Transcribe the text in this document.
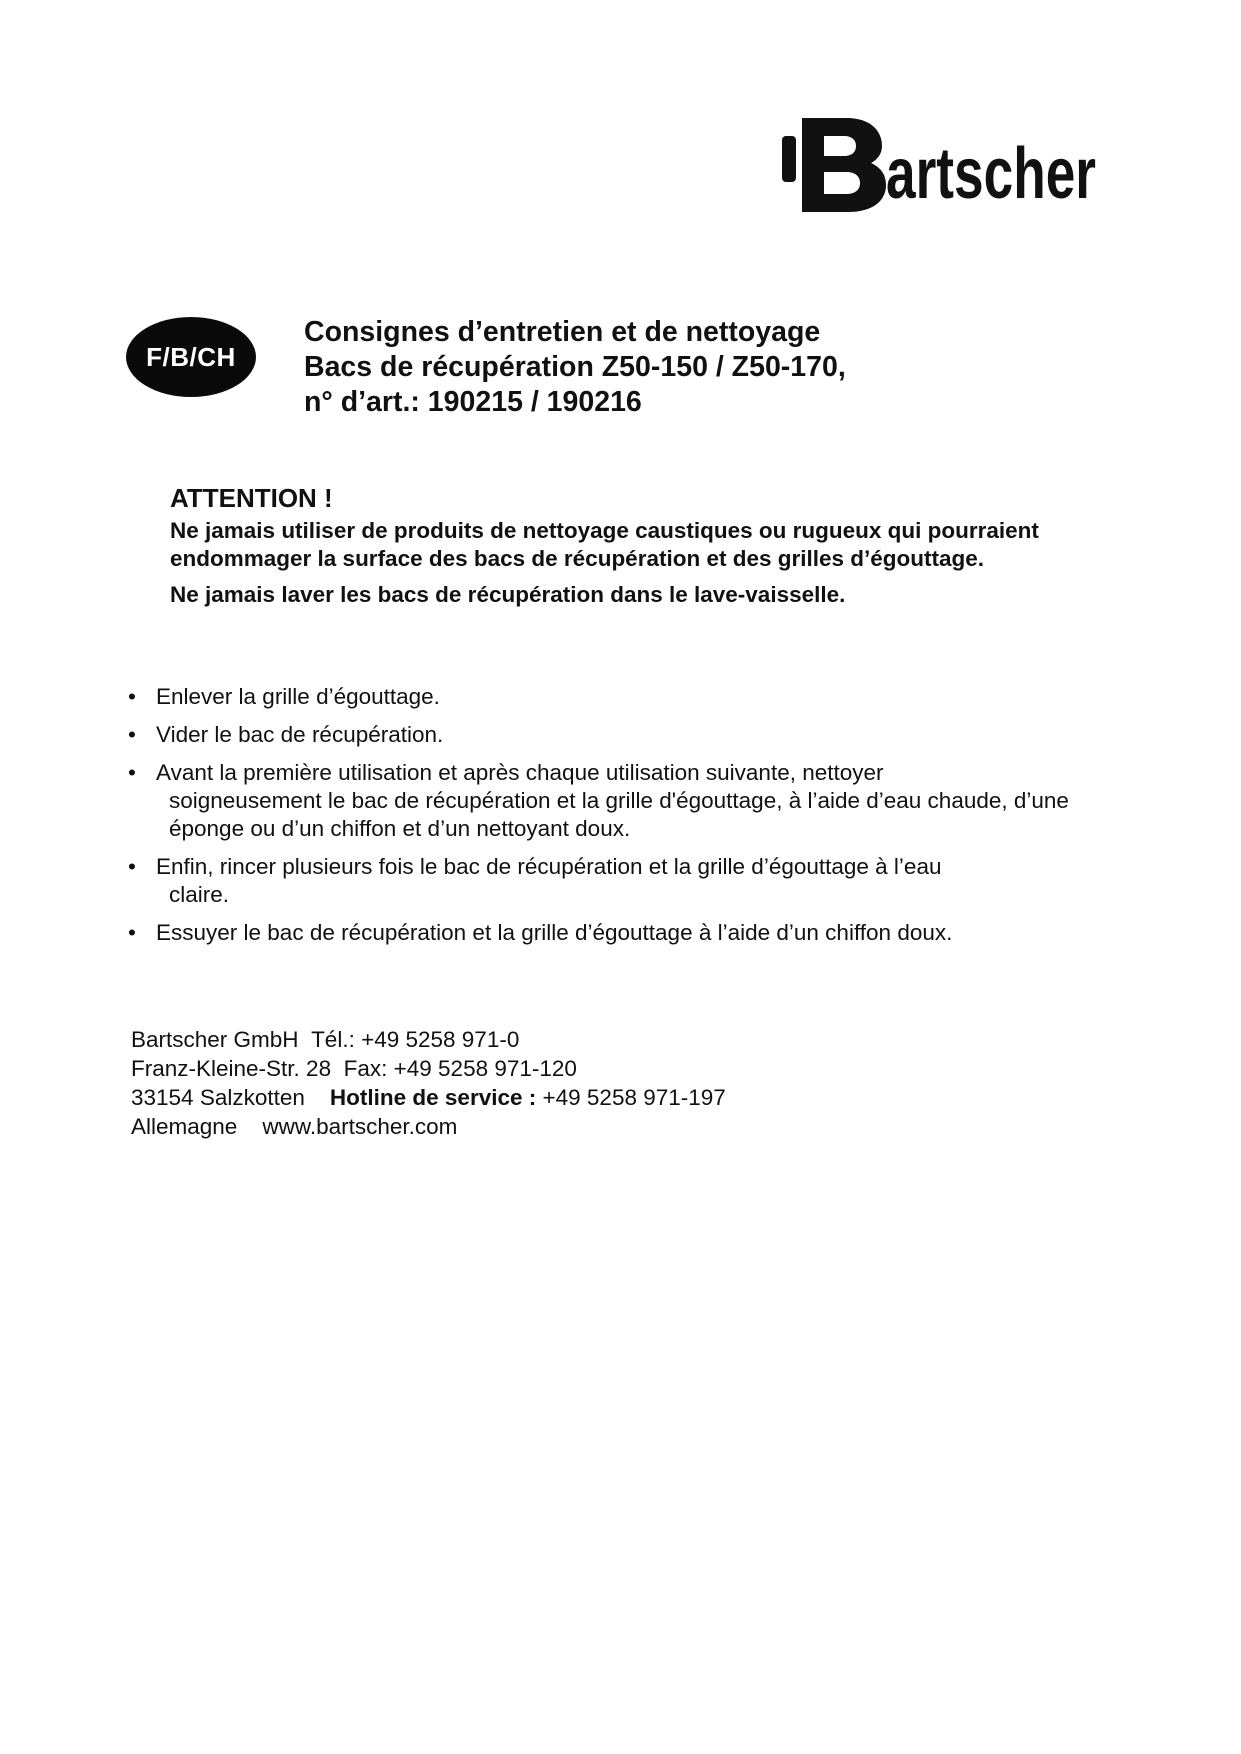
artscher
F/B/CH
Consignes d’entretien et de nettoyage
Bacs de récupération Z50-150 / Z50-170,
n° d’art.: 190215 / 190216
ATTENTION !

Ne jamais utiliser de produits de nettoyage caustiques ou rugueux qui pourraient endommager la surface des bacs de récupération et des grilles d’égouttage.

Ne jamais laver les bacs de récupération dans le lave-vaisselle.

• Enlever la grille d’égouttage.
• Vider le bac de récupération.
• Avant la première utilisation et après chaque utilisation suivante, nettoyer
soigneusement le bac de récupération et la grille d'égouttage, à l’aide d’eau chaude, d’une éponge ou d’un chiffon et d’un nettoyant doux.
• Enfin, rincer plusieurs fois le bac de récupération et la grille d’égouttage à l’eau
claire.
• Essuyer le bac de récupération et la grille d’égouttage à l’aide d’un chiffon doux.
Bartscher GmbH Tél.: +49 5258 971-0
Franz-Kleine-Str. 28 Fax: +49 5258 971-120
33154 Salzkotten Hotline de service : +49 5258 971-197
Allemagne www.bartscher.com
